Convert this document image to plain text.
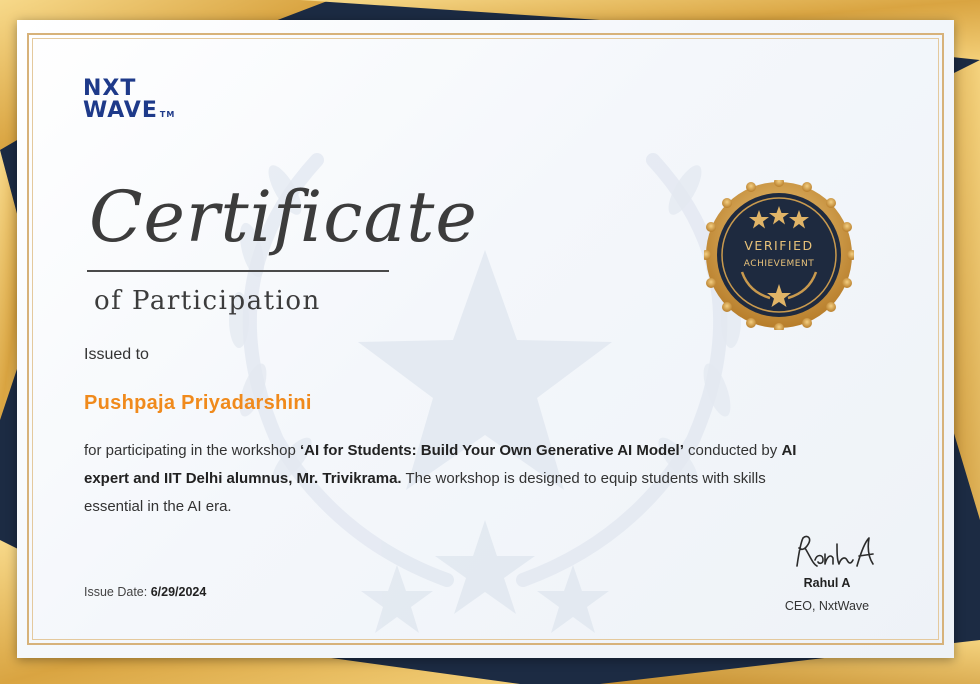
NXT
WAVE TM
Certificate
of Participation
Issued to
Pushpaja Priyadarshini
for participating in the workshop ‘AI for Students: Build Your Own Generative AI Model’ conducted by AI expert and IIT Delhi alumnus, Mr. Trivikrama. The workshop is designed to equip students with skills essential in the AI era.
Issue Date: 6/29/2024
VERIFIED
ACHIEVEMENT
Rahul A
CEO, NxtWave
